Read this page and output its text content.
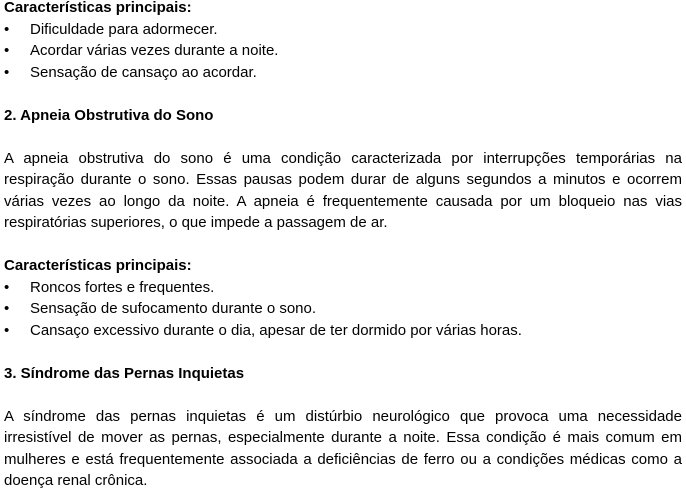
Características principais:
•	Dificuldade para adormecer.
•	Acordar várias vezes durante a noite.
•	Sensação de cansaço ao acordar.
2. Apneia Obstrutiva do Sono

A apneia obstrutiva do sono é uma condição caracterizada por interrupções temporárias na respiração durante o sono. Essas pausas podem durar de alguns segundos a minutos e ocorrem várias vezes ao longo da noite. A apneia é frequentemente causada por um bloqueio nas vias respiratórias superiores, o que impede a passagem de ar.

Características principais:
•	Roncos fortes e frequentes.
•	Sensação de sufocamento durante o sono.
•	Cansaço excessivo durante o dia, apesar de ter dormido por várias horas.
3. Síndrome das Pernas Inquietas

A síndrome das pernas inquietas é um distúrbio neurológico que provoca uma necessidade irresistível de mover as pernas, especialmente durante a noite. Essa condição é mais comum em mulheres e está frequentemente associada a deficiências de ferro ou a condições médicas como a doença renal crônica.
